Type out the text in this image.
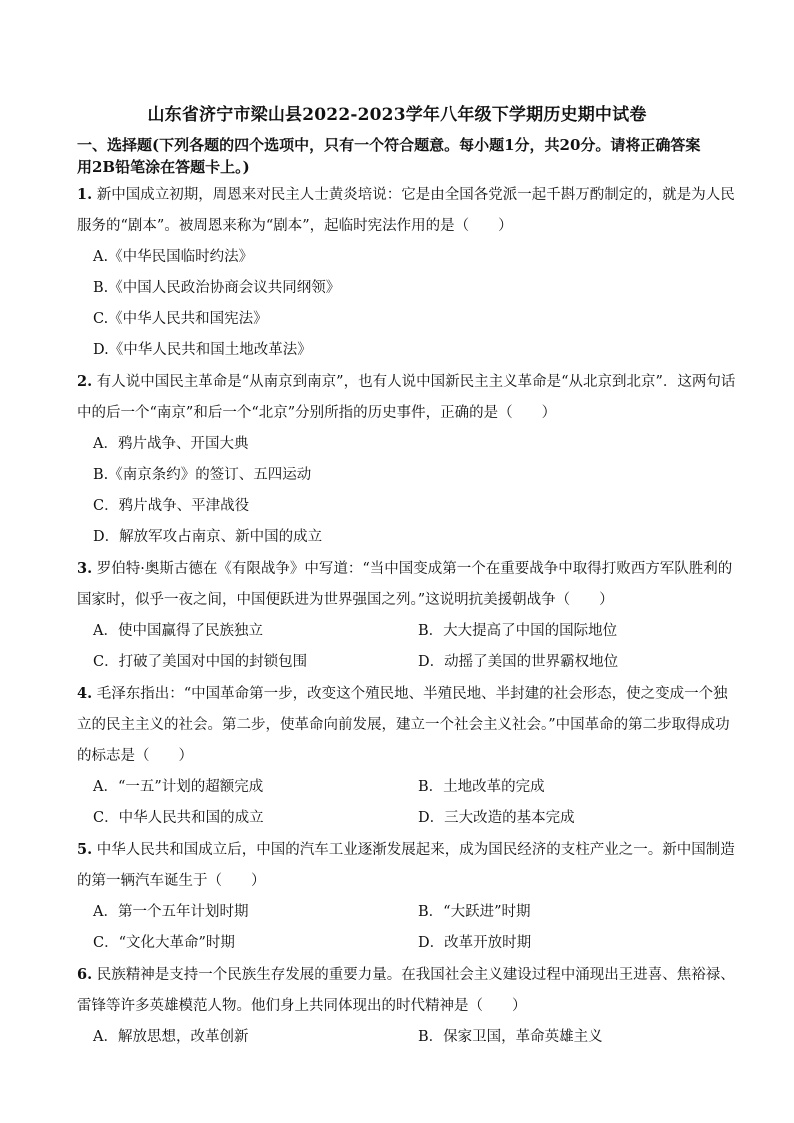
山东省济宁市梁山县2022-2023学年八年级下学期历史期中试卷
一、选择题(下列各题的四个选项中，只有一个符合题意。每小题1分，共20分。请将正确答案
用2B铅笔涂在答题卡上。)
1. 新中国成立初期，周恩来对民主人士黄炎培说：它是由全国各党派一起千斟万酌制定的，就是为人民
服务的“剧本”。被周恩来称为“剧本”，起临时宪法作用的是（　　）
A.《中华民国临时约法》
B.《中国人民政治协商会议共同纲领》
C.《中华人民共和国宪法》
D.《中华人民共和国土地改革法》
2. 有人说中国民主革命是“从南京到南京”，也有人说中国新民主主义革命是“从北京到北京”．这两句话
中的后一个“南京”和后一个“北京”分别所指的历史事件，正确的是（　　）
A．鸦片战争、开国大典
B.《南京条约》的签订、五四运动
C．鸦片战争、平津战役
D．解放军攻占南京、新中国的成立
3. 罗伯特·奥斯古德在《有限战争》中写道：“当中国变成第一个在重要战争中取得打败西方军队胜利的
国家时，似乎一夜之间，中国便跃进为世界强国之列。”这说明抗美援朝战争（　　）
A．使中国赢得了民族独立	B．大大提高了中国的国际地位
C．打破了美国对中国的封锁包围	D．动摇了美国的世界霸权地位
4. 毛泽东指出：“中国革命第一步，改变这个殖民地、半殖民地、半封建的社会形态，使之变成一个独
立的民主主义的社会。第二步，使革命向前发展，建立一个社会主义社会。”中国革命的第二步取得成功
的标志是（　　）
A．“一五”计划的超额完成	B．土地改革的完成
C．中华人民共和国的成立	D．三大改造的基本完成
5. 中华人民共和国成立后，中国的汽车工业逐渐发展起来，成为国民经济的支柱产业之一。新中国制造
的第一辆汽车诞生于（　　）
A．第一个五年计划时期	B．“大跃进”时期
C．“文化大革命”时期	D．改革开放时期
6. 民族精神是支持一个民族生存发展的重要力量。在我国社会主义建设过程中涌现出王进喜、焦裕禄、
雷锋等许多英雄模范人物。他们身上共同体现出的时代精神是（　　）
A．解放思想，改革创新	B．保家卫国，革命英雄主义
